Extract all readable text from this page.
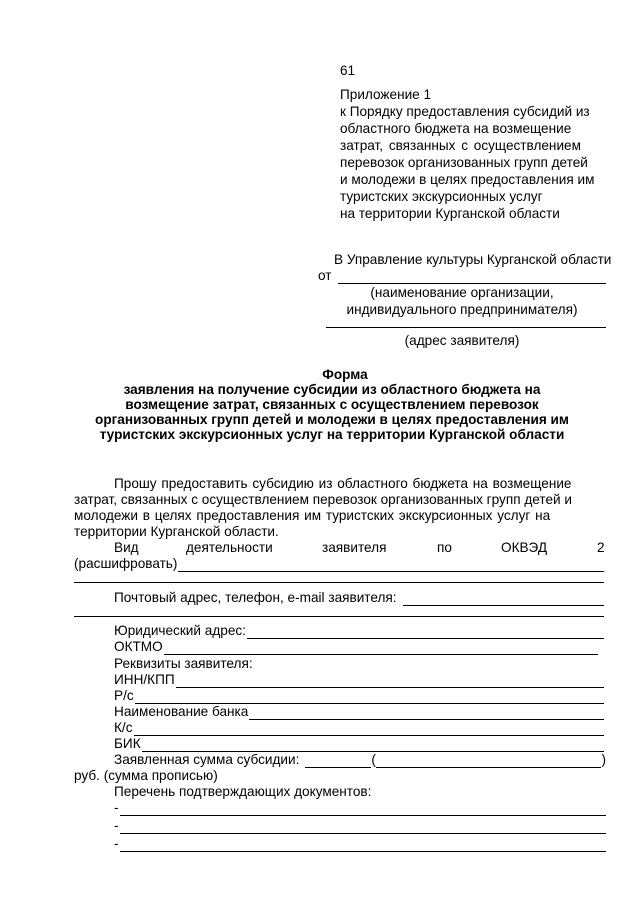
61
Приложение 1
к Порядку предоставления субсидий из
областного бюджета на возмещение
затрат, связанных с осуществлением
перевозок организованных групп детей
и молодежи в целях предоставления им
туристских экскурсионных услуг
на территории Курганской области
В Управление культуры Курганской области
от
(наименование организации,
индивидуального предпринимателя)
(адрес заявителя)
Форма
заявления на получение субсидии из областного бюджета на
возмещение затрат, связанных с осуществлением перевозок
организованных групп детей и молодежи в целях предоставления им
туристских экскурсионных услуг на территории Курганской области
Прошу предоставить субсидию из областного бюджета на возмещение
затрат, связанных с осуществлением перевозок организованных групп детей и
молодежи в целях предоставления им туристских экскурсионных услуг на
территории Курганской области.
Вид	деятельности	заявителя	по	ОКВЭД	2
(расшифровать)
Почтовый адрес, телефон, e-mail заявителя:
Юридический адрес:
ОКТМО
Реквизиты заявителя:
ИНН/КПП
Р/с
Наименование банка
К/с
БИК
Заявленная сумма субсидии:	(	)
руб. (сумма прописью)
Перечень подтверждающих документов:
-
-
-
